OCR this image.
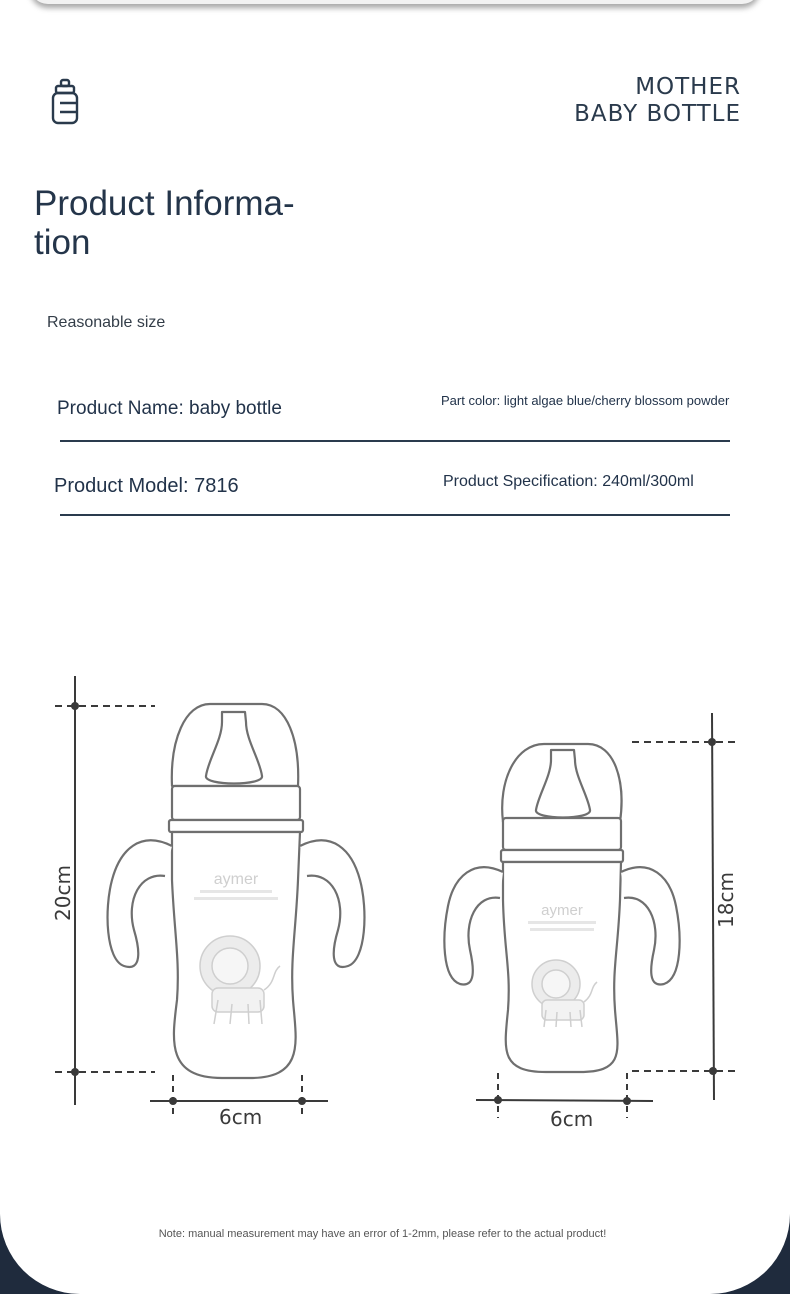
MOTHER
BABY BOTTLE
Product Informa-
tion
Reasonable size
Product Name: baby bottle	Part color: light algae blue/cherry blossom powder
Product Model: 7816	Product Specification: 240ml/300ml
aymer
aymer
20cm
6cm
18cm
6cm
Note: manual measurement may have an error of 1-2mm, please refer to the actual product!
